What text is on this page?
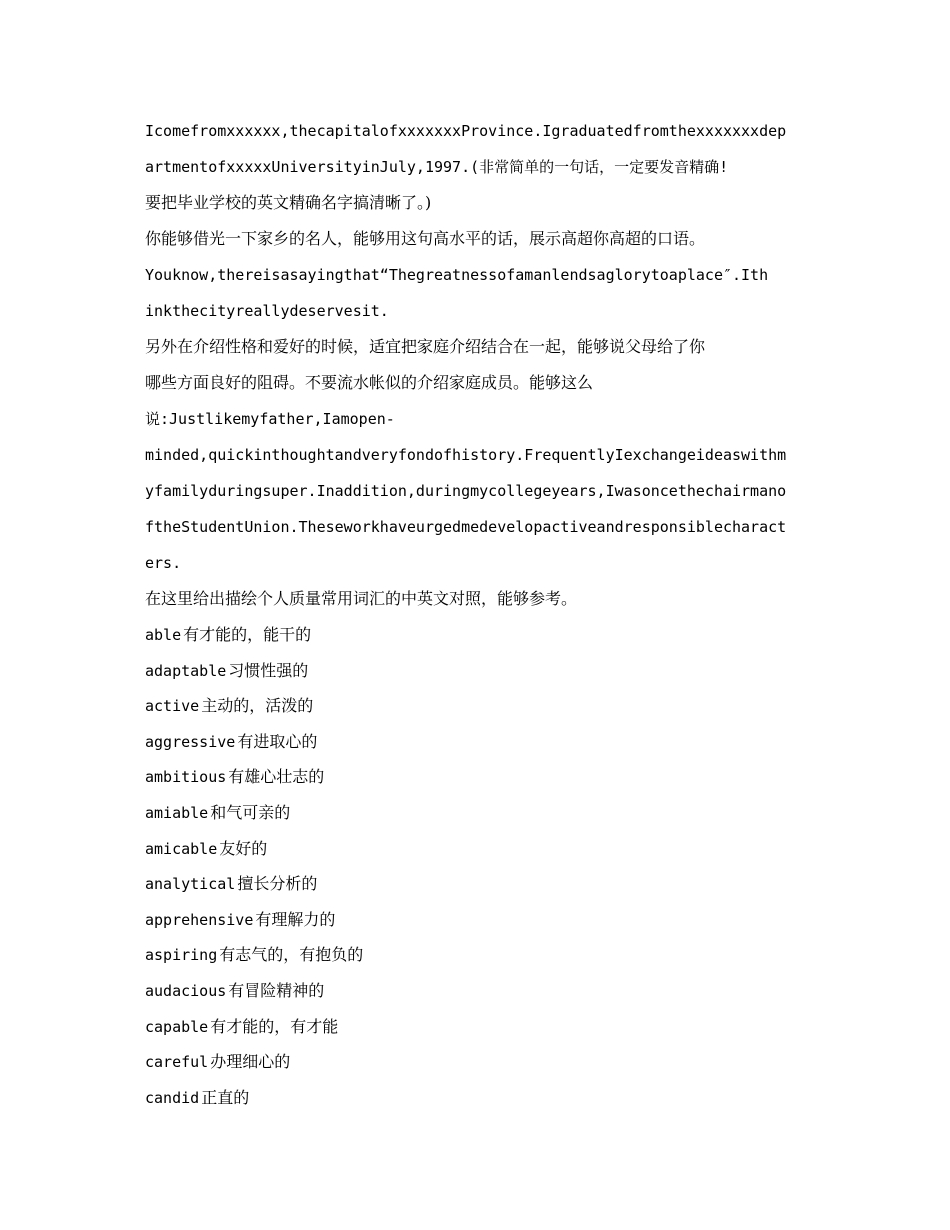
Icomefromxxxxxx,thecapitalofxxxxxxxProvince.Igraduatedfromthexxxxxxxdep
artmentofxxxxxUniversityinJuly,1997.(非常简单的一句话，一定要发音精确!
要把毕业学校的英文精确名字搞清晰了。)
你能够借光一下家乡的名人，能够用这句高水平的话，展示高超你高超的口语。
Youknow,thereisasayingthat“Thegreatnessofamanlendsaglorytoaplace″.Ith
inkthecityreallydeservesit.
另外在介绍性格和爱好的时候，适宜把家庭介绍结合在一起，能够说父母给了你
哪些方面良好的阻碍。不要流水帐似的介绍家庭成员。能够这么
说:Justlikemyfather,Iamopen-
minded,quickinthoughtandveryfondofhistory.FrequentlyIexchangeideaswithm
yfamilyduringsuper.Inaddition,duringmycollegeyears,Iwasoncethechairmano
ftheStudentUnion.Theseworkhaveurgedmedevelopactiveandresponsiblecharact
ers.
在这里给出描绘个人质量常用词汇的中英文对照，能够参考。
able 有才能的，能干的
adaptable 习惯性强的
active 主动的，活泼的
aggressive 有进取心的
ambitious 有雄心壮志的
amiable 和气可亲的
amicable 友好的
analytical 擅长分析的
apprehensive 有理解力的
aspiring 有志气的，有抱负的
audacious 有冒险精神的
capable 有才能的，有才能
careful 办理细心的
candid 正直的
